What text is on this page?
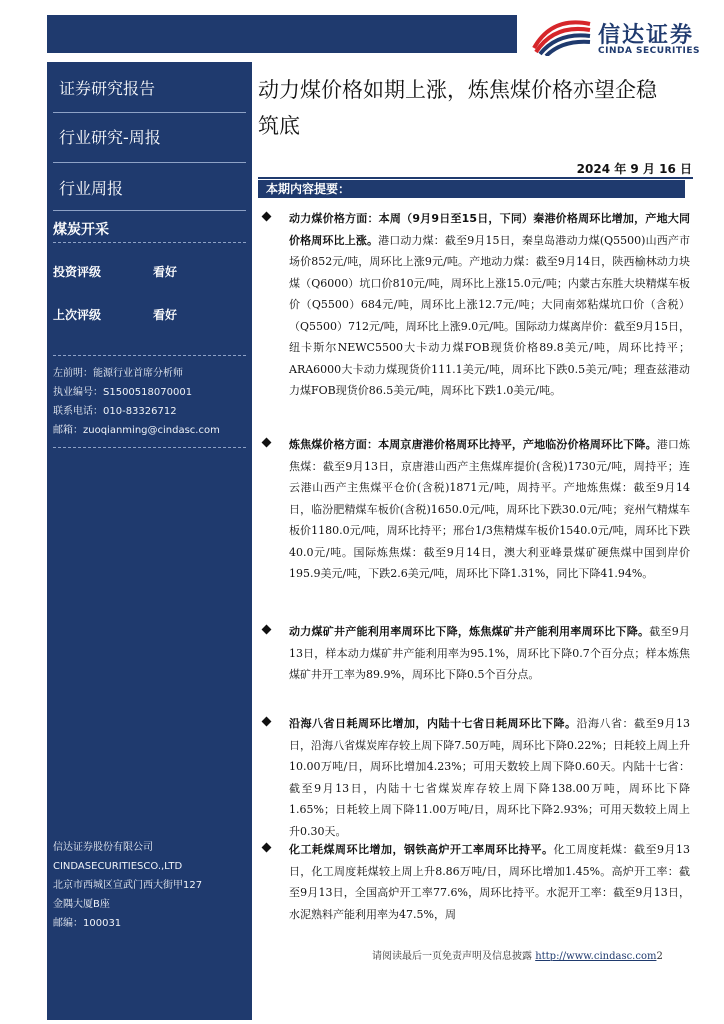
信达证券
CINDA SECURITIES
证券研究报告
行业研究-周报
行业周报
煤炭开采
投资评级	看好
上次评级	看好
左前明：能源行业首席分析师
执业编号：S1500518070001
联系电话：010-83326712
邮箱：zuoqianming@cindasc.com
信达证券股份有限公司
CINDASECURITIESCO.,LTD
北京市西城区宣武门西大街甲127
金隅大厦B座
邮编：100031
动力煤价格如期上涨，炼焦煤价格亦望企稳
筑底
2024 年 9 月 16 日
本期内容提要：
动力煤价格方面：本周（9月9日至15日，下同）秦港价格周环比增加，产地大同价格周环比上涨。港口动力煤：截至9月15日，秦皇岛港动力煤(Q5500)山西产市场价852元/吨，周环比上涨9元/吨。产地动力煤：截至9月14日，陕西榆林动力块煤（Q6000）坑口价810元/吨，周环比上涨15.0元/吨；内蒙古东胜大块精煤车板价（Q5500）684元/吨，周环比上涨12.7元/吨；大同南郊粘煤坑口价（含税）（Q5500）712元/吨，周环比上涨9.0元/吨。国际动力煤离岸价：截至9月15日，纽卡斯尔NEWC5500大卡动力煤FOB现货价格89.8美元/吨，周环比持平；ARA6000大卡动力煤现货价111.1美元/吨，周环比下跌0.5美元/吨；理查兹港动力煤FOB现货价86.5美元/吨，周环比下跌1.0美元/吨。
炼焦煤价格方面：本周京唐港价格周环比持平，产地临汾价格周环比下降。港口炼焦煤：截至9月13日，京唐港山西产主焦煤库提价(含税)1730元/吨，周持平；连云港山西产主焦煤平仓价(含税)1871元/吨，周持平。产地炼焦煤：截至9月14日，临汾肥精煤车板价(含税)1650.0元/吨，周环比下跌30.0元/吨；兖州气精煤车板价1180.0元/吨，周环比持平；邢台1/3焦精煤车板价1540.0元/吨，周环比下跌40.0元/吨。国际炼焦煤：截至9月14日，澳大利亚峰景煤矿硬焦煤中国到岸价195.9美元/吨，下跌2.6美元/吨，周环比下降1.31%，同比下降41.94%。
动力煤矿井产能利用率周环比下降，炼焦煤矿井产能利用率周环比下降。截至9月13日，样本动力煤矿井产能利用率为95.1%，周环比下降0.7个百分点；样本炼焦煤矿井开工率为89.9%，周环比下降0.5个百分点。
沿海八省日耗周环比增加，内陆十七省日耗周环比下降。沿海八省：截至9月13日，沿海八省煤炭库存较上周下降7.50万吨，周环比下降0.22%；日耗较上周上升10.00万吨/日，周环比增加4.23%；可用天数较上周下降0.60天。内陆十七省：截至9月13日，内陆十七省煤炭库存较上周下降138.00万吨，周环比下降1.65%；日耗较上周下降11.00万吨/日，周环比下降2.93%；可用天数较上周上升0.30天。
化工耗煤周环比增加，钢铁高炉开工率周环比持平。化工周度耗煤：截至9月13日，化工周度耗煤较上周上升8.86万吨/日，周环比增加1.45%。高炉开工率：截至9月13日，全国高炉开工率77.6%，周环比持平。水泥开工率：截至9月13日，水泥熟料产能利用率为47.5%，周
请阅读最后一页免责声明及信息披露 http://www.cindasc.com2
